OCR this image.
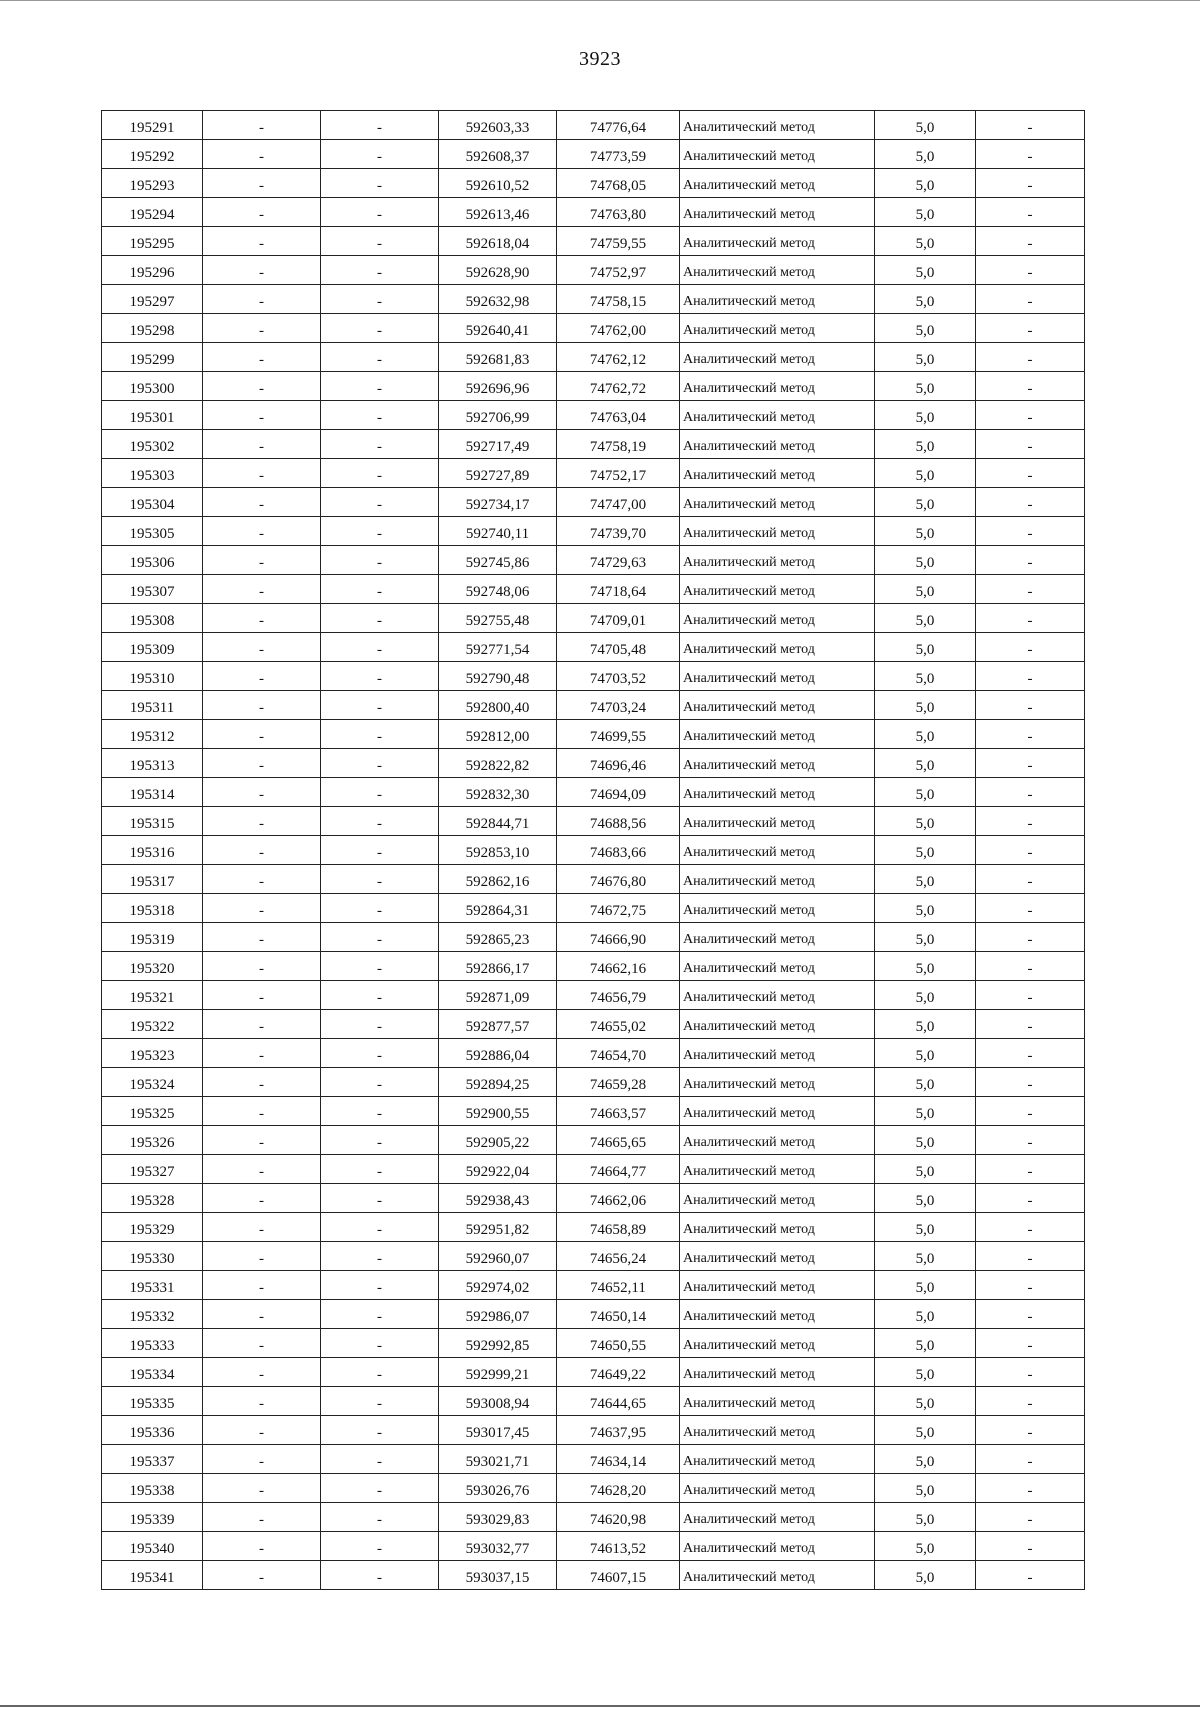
3923
195291	-	-	592603,33	74776,64	Аналитический метод	5,0	-
195292	-	-	592608,37	74773,59	Аналитический метод	5,0	-
195293	-	-	592610,52	74768,05	Аналитический метод	5,0	-
195294	-	-	592613,46	74763,80	Аналитический метод	5,0	-
195295	-	-	592618,04	74759,55	Аналитический метод	5,0	-
195296	-	-	592628,90	74752,97	Аналитический метод	5,0	-
195297	-	-	592632,98	74758,15	Аналитический метод	5,0	-
195298	-	-	592640,41	74762,00	Аналитический метод	5,0	-
195299	-	-	592681,83	74762,12	Аналитический метод	5,0	-
195300	-	-	592696,96	74762,72	Аналитический метод	5,0	-
195301	-	-	592706,99	74763,04	Аналитический метод	5,0	-
195302	-	-	592717,49	74758,19	Аналитический метод	5,0	-
195303	-	-	592727,89	74752,17	Аналитический метод	5,0	-
195304	-	-	592734,17	74747,00	Аналитический метод	5,0	-
195305	-	-	592740,11	74739,70	Аналитический метод	5,0	-
195306	-	-	592745,86	74729,63	Аналитический метод	5,0	-
195307	-	-	592748,06	74718,64	Аналитический метод	5,0	-
195308	-	-	592755,48	74709,01	Аналитический метод	5,0	-
195309	-	-	592771,54	74705,48	Аналитический метод	5,0	-
195310	-	-	592790,48	74703,52	Аналитический метод	5,0	-
195311	-	-	592800,40	74703,24	Аналитический метод	5,0	-
195312	-	-	592812,00	74699,55	Аналитический метод	5,0	-
195313	-	-	592822,82	74696,46	Аналитический метод	5,0	-
195314	-	-	592832,30	74694,09	Аналитический метод	5,0	-
195315	-	-	592844,71	74688,56	Аналитический метод	5,0	-
195316	-	-	592853,10	74683,66	Аналитический метод	5,0	-
195317	-	-	592862,16	74676,80	Аналитический метод	5,0	-
195318	-	-	592864,31	74672,75	Аналитический метод	5,0	-
195319	-	-	592865,23	74666,90	Аналитический метод	5,0	-
195320	-	-	592866,17	74662,16	Аналитический метод	5,0	-
195321	-	-	592871,09	74656,79	Аналитический метод	5,0	-
195322	-	-	592877,57	74655,02	Аналитический метод	5,0	-
195323	-	-	592886,04	74654,70	Аналитический метод	5,0	-
195324	-	-	592894,25	74659,28	Аналитический метод	5,0	-
195325	-	-	592900,55	74663,57	Аналитический метод	5,0	-
195326	-	-	592905,22	74665,65	Аналитический метод	5,0	-
195327	-	-	592922,04	74664,77	Аналитический метод	5,0	-
195328	-	-	592938,43	74662,06	Аналитический метод	5,0	-
195329	-	-	592951,82	74658,89	Аналитический метод	5,0	-
195330	-	-	592960,07	74656,24	Аналитический метод	5,0	-
195331	-	-	592974,02	74652,11	Аналитический метод	5,0	-
195332	-	-	592986,07	74650,14	Аналитический метод	5,0	-
195333	-	-	592992,85	74650,55	Аналитический метод	5,0	-
195334	-	-	592999,21	74649,22	Аналитический метод	5,0	-
195335	-	-	593008,94	74644,65	Аналитический метод	5,0	-
195336	-	-	593017,45	74637,95	Аналитический метод	5,0	-
195337	-	-	593021,71	74634,14	Аналитический метод	5,0	-
195338	-	-	593026,76	74628,20	Аналитический метод	5,0	-
195339	-	-	593029,83	74620,98	Аналитический метод	5,0	-
195340	-	-	593032,77	74613,52	Аналитический метод	5,0	-
195341	-	-	593037,15	74607,15	Аналитический метод	5,0	-
